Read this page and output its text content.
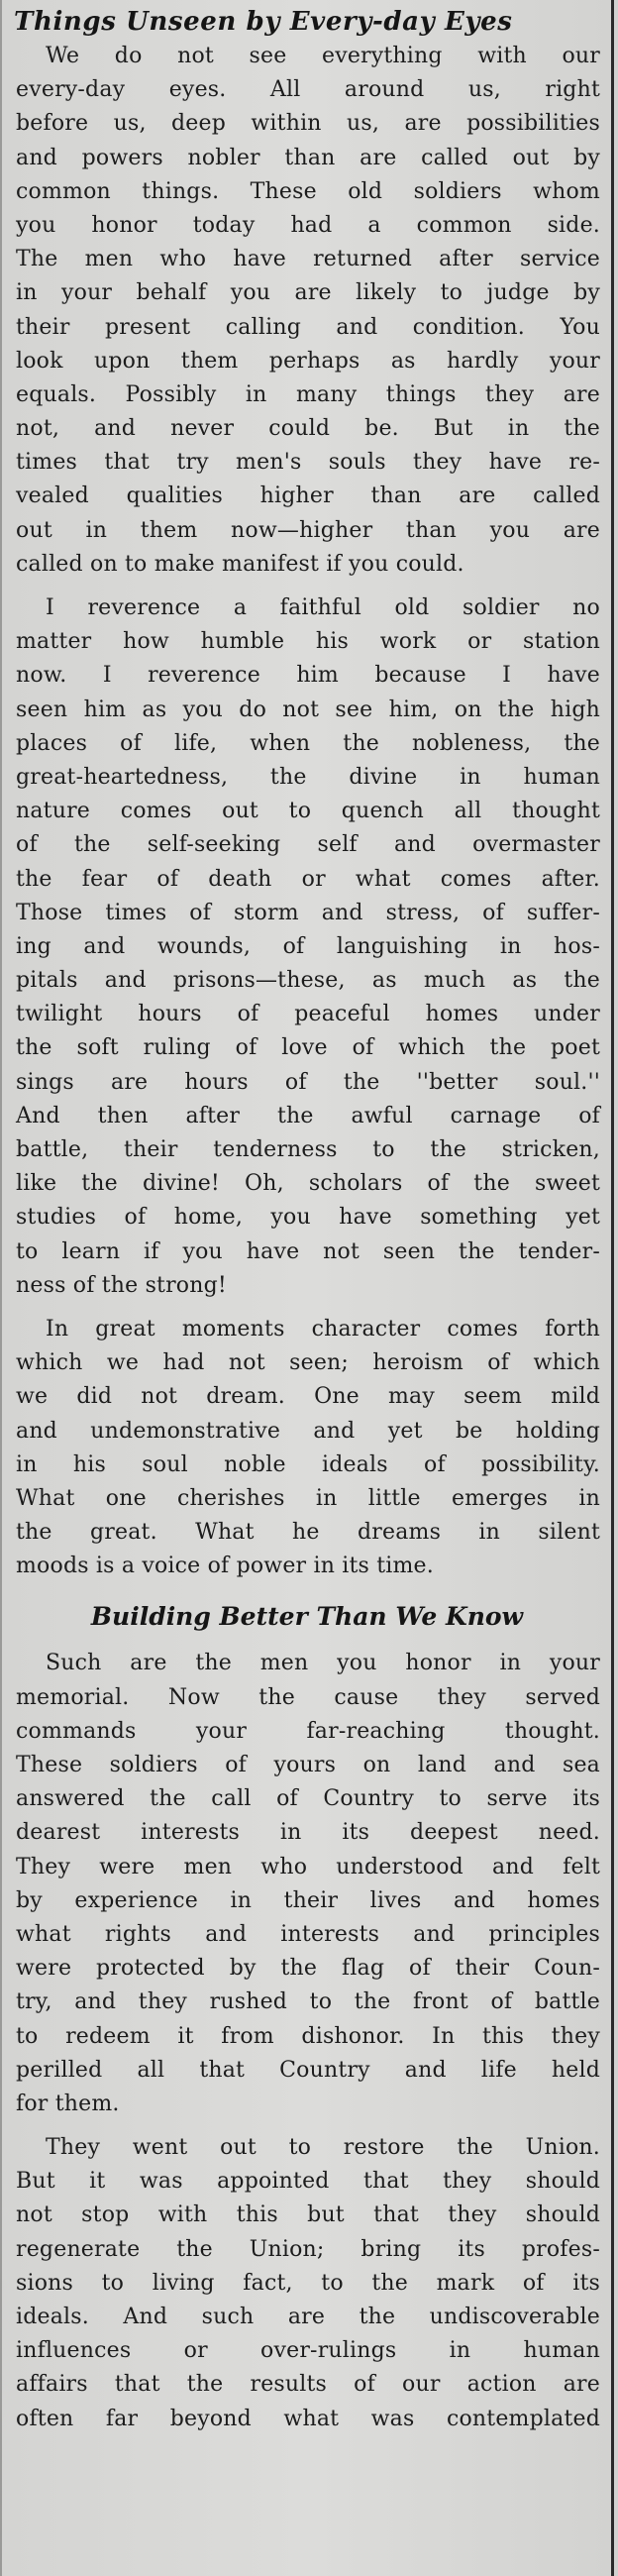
Things Unseen by Every-day Eyes
We do not see everything with our
every-day eyes. All around us, right
before us, deep within us, are possibilities
and powers nobler than are called out by
common things. These old soldiers whom
you honor today had a common side.
The men who have returned after service
in your behalf you are likely to judge by
their present calling and condition. You
look upon them perhaps as hardly your
equals. Possibly in many things they are
not, and never could be. But in the
times that try men's souls they have re-
vealed qualities higher than are called
out in them now—higher than you are
called on to make manifest if you could.
I reverence a faithful old soldier no
matter how humble his work or station
now. I reverence him because I have
seen him as you do not see him, on the high
places of life, when the nobleness, the
great-heartedness, the divine in human
nature comes out to quench all thought
of the self-seeking self and overmaster
the fear of death or what comes after.
Those times of storm and stress, of suffer-
ing and wounds, of languishing in hos-
pitals and prisons—these, as much as the
twilight hours of peaceful homes under
the soft ruling of love of which the poet
sings are hours of the ''better soul.''
And then after the awful carnage of
battle, their tenderness to the stricken,
like the divine! Oh, scholars of the sweet
studies of home, you have something yet
to learn if you have not seen the tender-
ness of the strong!
In great moments character comes forth
which we had not seen; heroism of which
we did not dream. One may seem mild
and undemonstrative and yet be holding
in his soul noble ideals of possibility.
What one cherishes in little emerges in
the great. What he dreams in silent
moods is a voice of power in its time.
Building Better Than We Know
Such are the men you honor in your
memorial. Now the cause they served
commands your far-reaching thought.
These soldiers of yours on land and sea
answered the call of Country to serve its
dearest interests in its deepest need.
They were men who understood and felt
by experience in their lives and homes
what rights and interests and principles
were protected by the flag of their Coun-
try, and they rushed to the front of battle
to redeem it from dishonor. In this they
perilled all that Country and life held
for them.
They went out to restore the Union.
But it was appointed that they should
not stop with this but that they should
regenerate the Union; bring its profes-
sions to living fact, to the mark of its
ideals. And such are the undiscoverable
influences or over-rulings in human
affairs that the results of our action are
often far beyond what was contemplated
